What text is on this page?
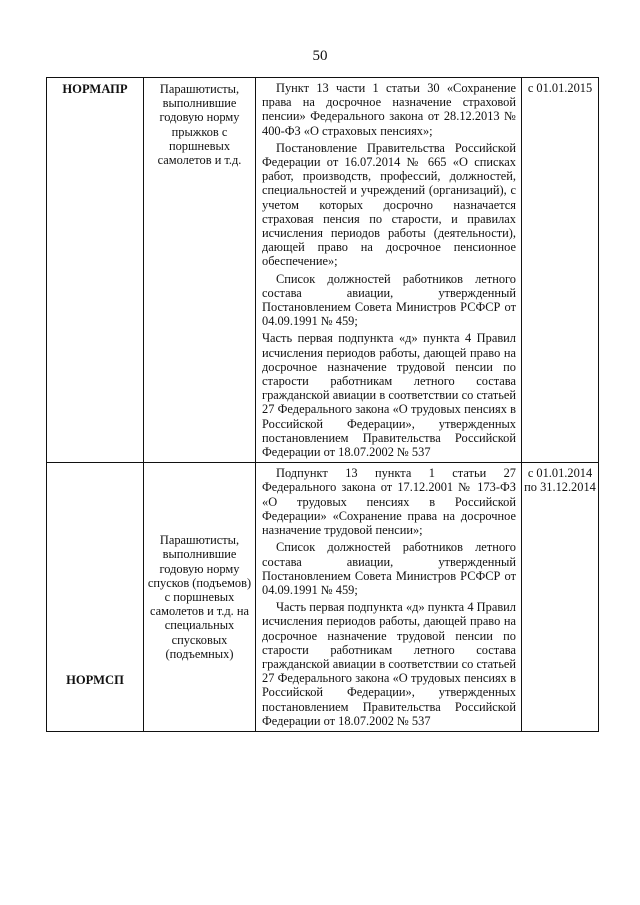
50
НОРМАПР	Парашютисты, выполнившие годовую норму прыжков с поршневых самолетов и т.д.	Пункт 13 части 1 статьи 30 «Сохранение права на досрочное назначение страховой пенсии» Федерального закона от 28.12.2013 № 400-ФЗ «О страховых пенсиях»;
Постановление Правительства Российской Федерации от 16.07.2014 № 665 «О списках работ, производств, профессий, должностей, специальностей и учреждений (организаций), с учетом которых досрочно назначается страховая пенсия по старости, и правилах исчисления периодов работы (деятельности), дающей право на досрочное пенсионное обеспечение»;
Список должностей работников летного состава авиации, утвержденный Постановлением Совета Министров РСФСР от 04.09.1991 № 459;
Часть первая подпункта «д» пункта 4 Правил исчисления периодов работы, дающей право на досрочное назначение трудовой пенсии по старости работникам летного состава гражданской авиации в соответствии со статьей 27 Федерального закона «О трудовых пенсиях в Российской Федерации», утвержденных постановлением Правительства Российской Федерации от 18.07.2002 № 537	с 01.01.2015
НОРМСП	Парашютисты, выполнившие годовую норму спусков (подъемов) с поршневых самолетов и т.д. на специальных спусковых (подъемных)	Подпункт 13 пункта 1 статьи 27 Федерального закона от 17.12.2001 № 173-ФЗ «О трудовых пенсиях в Российской Федерации» «Сохранение права на досрочное назначение трудовой пенсии»;
Список должностей работников летного состава авиации, утвержденный Постановлением Совета Министров РСФСР от 04.09.1991 № 459;
Часть первая подпункта «д» пункта 4 Правил исчисления периодов работы, дающей право на досрочное назначение трудовой пенсии по старости работникам летного состава гражданской авиации в соответствии со статьей 27 Федерального закона «О трудовых пенсиях в Российской Федерации», утвержденных постановлением Правительства Российской Федерации от 18.07.2002 № 537	с 01.01.2014 по 31.12.2014
